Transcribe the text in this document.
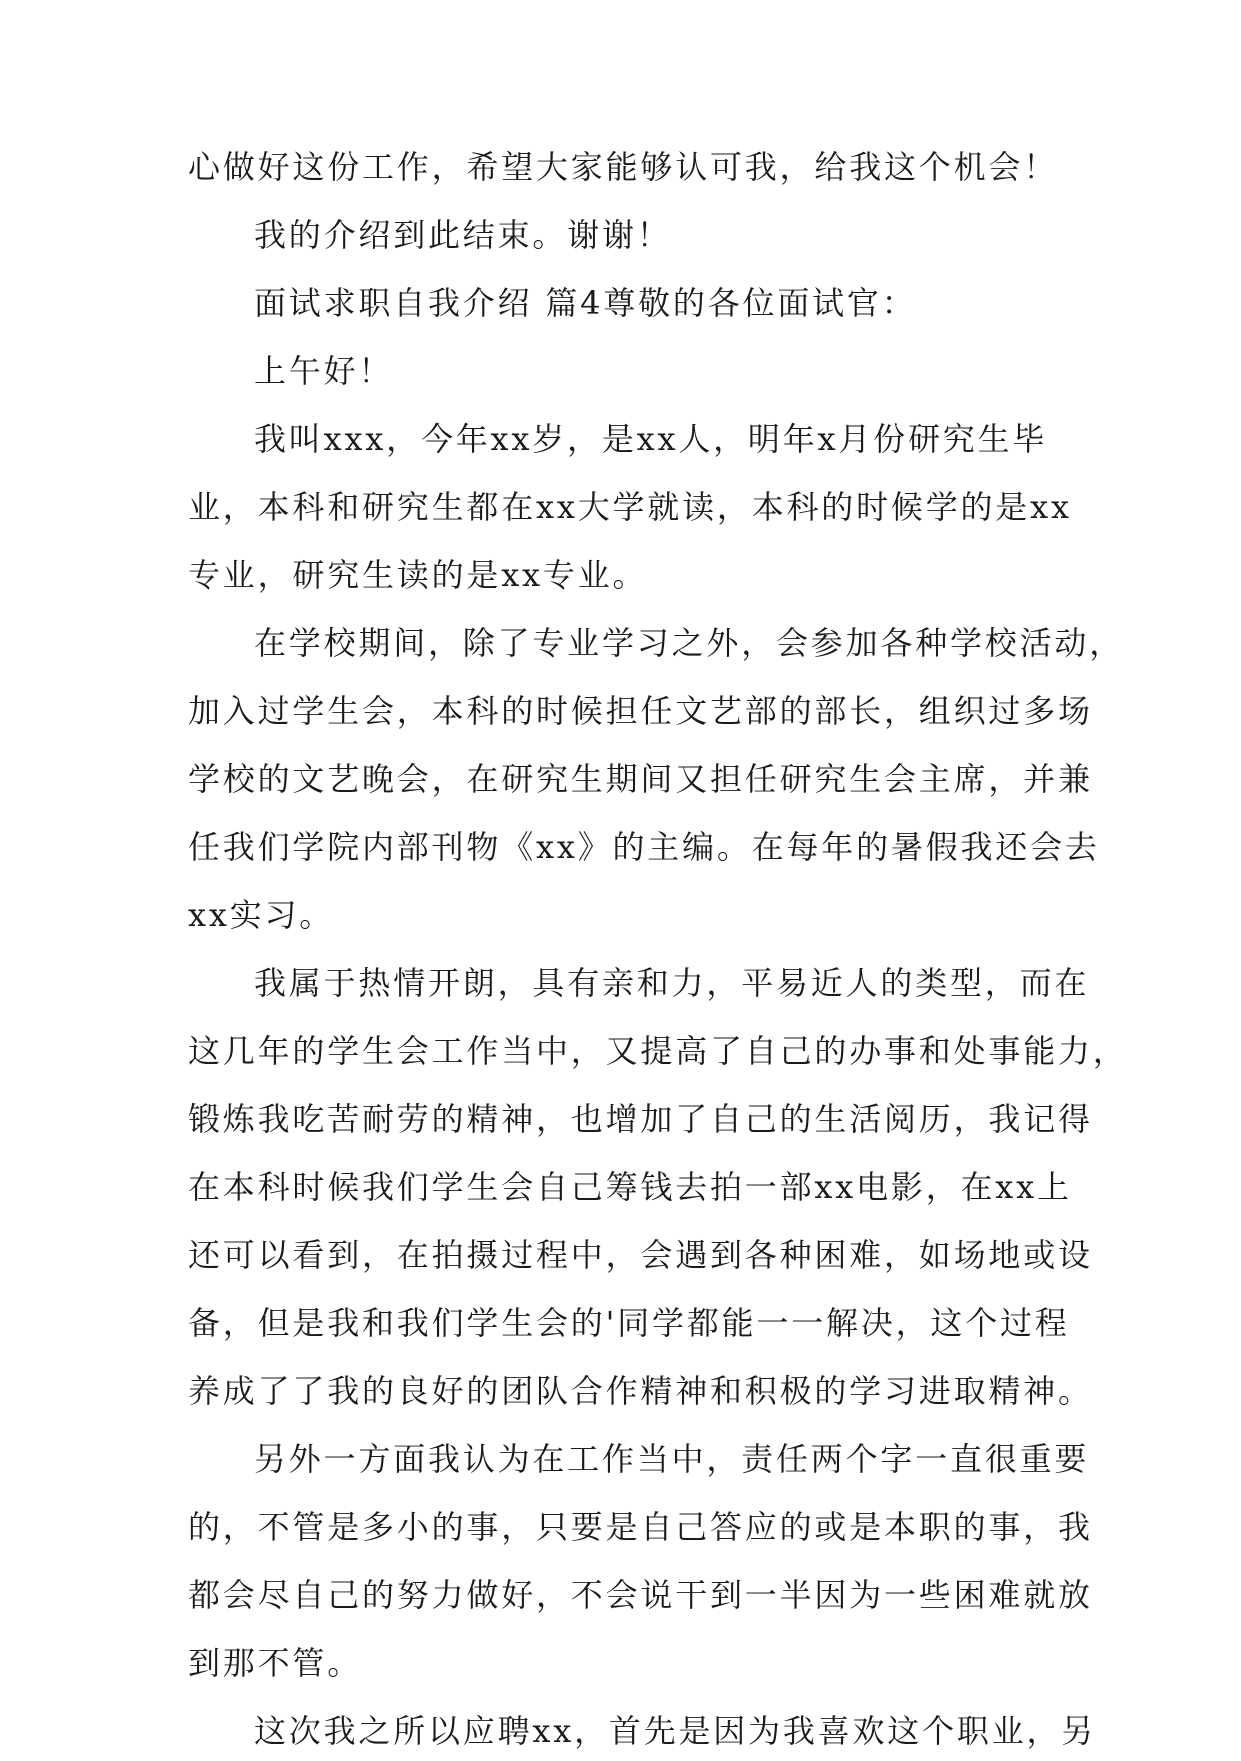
心做好这份工作，希望大家能够认可我，给我这个机会！
我的介绍到此结束。谢谢！
面试求职自我介绍 篇4尊敬的各位面试官：
上午好！
我叫xxx，今年xx岁，是xx人，明年x月份研究生毕
业，本科和研究生都在xx大学就读，本科的时候学的是xx
专业，研究生读的是xx专业。
在学校期间，除了专业学习之外，会参加各种学校活动，
加入过学生会，本科的时候担任文艺部的部长，组织过多场
学校的文艺晚会，在研究生期间又担任研究生会主席，并兼
任我们学院内部刊物《xx》的主编。在每年的暑假我还会去
xx实习。
我属于热情开朗，具有亲和力，平易近人的类型，而在
这几年的学生会工作当中，又提高了自己的办事和处事能力，
锻炼我吃苦耐劳的精神，也增加了自己的生活阅历，我记得
在本科时候我们学生会自己筹钱去拍一部xx电影，在xx上
还可以看到，在拍摄过程中，会遇到各种困难，如场地或设
备，但是我和我们学生会的'同学都能一一解决，这个过程
养成了了我的良好的团队合作精神和积极的学习进取精神。
另外一方面我认为在工作当中，责任两个字一直很重要
的，不管是多小的事，只要是自己答应的或是本职的事，我
都会尽自己的努力做好，不会说干到一半因为一些困难就放
到那不管。
这次我之所以应聘xx，首先是因为我喜欢这个职业，另
